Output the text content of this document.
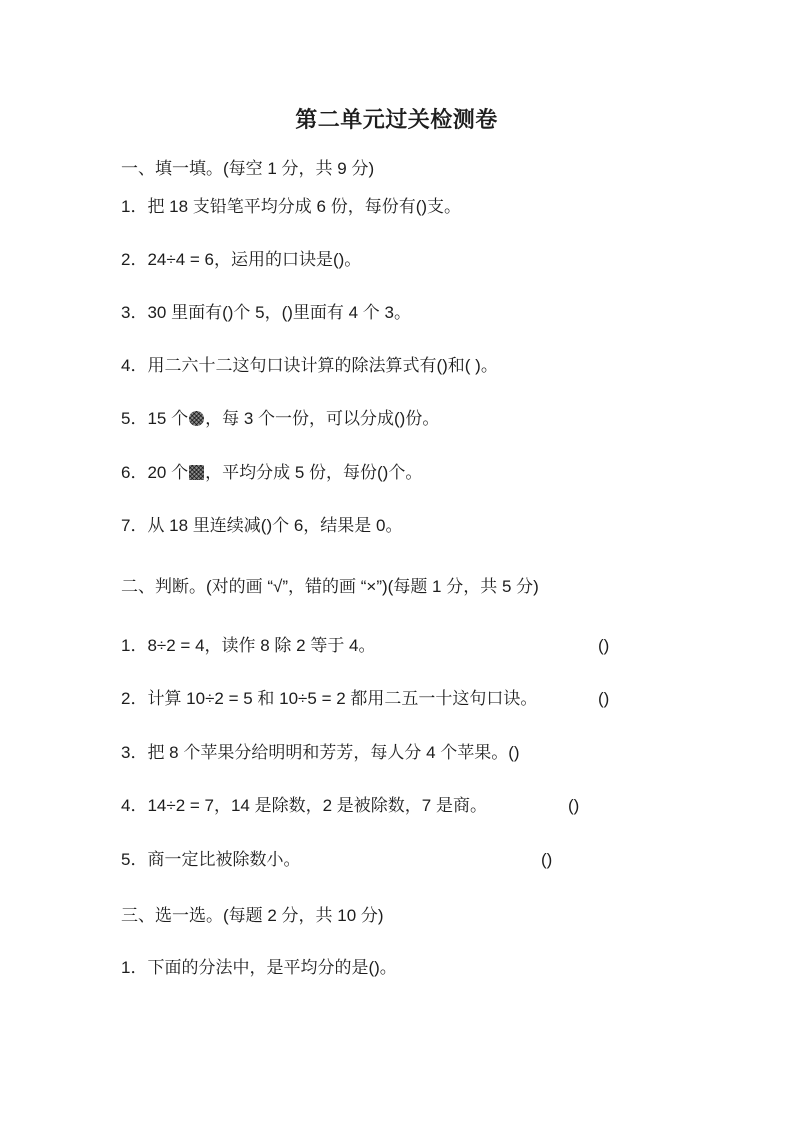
第二单元过关检测卷
一、填一填。(每空 1 分，共 9 分)
1．把 18 支铅笔平均分成 6 份，每份有()支。
2．24÷4 = 6，运用的口诀是()。
3．30 里面有()个 5，()里面有 4 个 3。
4．用二六十二这句口诀计算的除法算式有()和( )。
5．15 个 ，每 3 个一份，可以分成()份。
6．20 个 ，平均分成 5 份，每份()个。
7．从 18 里连续减()个 6，结果是 0。
二、判断。(对的画 “√”，错的画 “×”)(每题 1 分，共 5 分)
1．8÷2 = 4，读作 8 除 2 等于 4。	()
2．计算 10÷2 = 5 和 10÷5 = 2 都用二五一十这句口诀。	()
3．把 8 个苹果分给明明和芳芳，每人分 4 个苹果。()
4．14÷2 = 7，14 是除数，2 是被除数，7 是商。	()
5．商一定比被除数小。	()
三、选一选。(每题 2 分，共 10 分)
1．下面的分法中，是平均分的是()。
